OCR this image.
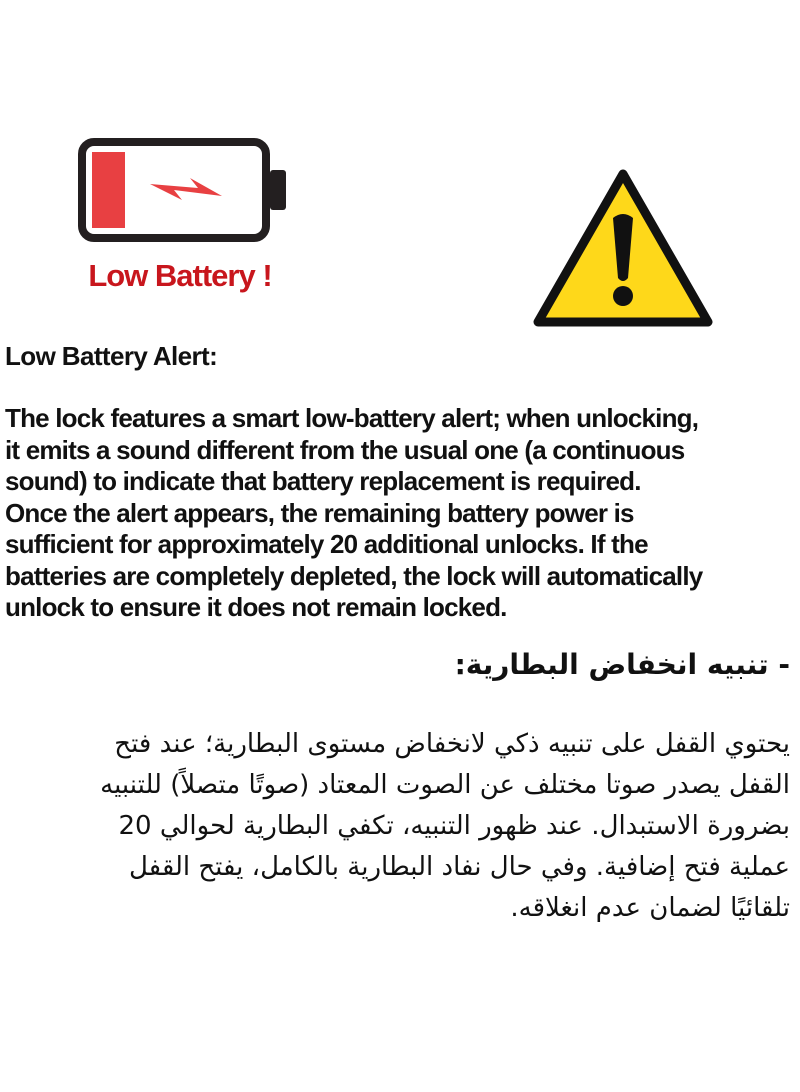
Low Battery !
Low Battery Alert:
The lock features a smart low-battery alert; when unlocking,
it emits a sound different from the usual one (a continuous
sound) to indicate that battery replacement is required.
Once the alert appears, the remaining battery power is
sufficient for approximately 20 additional unlocks. If the
batteries are completely depleted, the lock will automatically
unlock to ensure it does not remain locked.
- تنبيه انخفاض البطارية:
يحتوي القفل على تنبيه ذكي لانخفاض مستوى البطارية؛ عند فتح
القفل يصدر صوتا مختلف عن الصوت المعتاد (صوتًا متصلاً) للتنبيه
بضرورة الاستبدال. عند ظهور التنبيه، تكفي البطارية لحوالي 20
عملية فتح إضافية. وفي حال نفاد البطارية بالكامل، يفتح القفل
تلقائيًا لضمان عدم انغلاقه.
